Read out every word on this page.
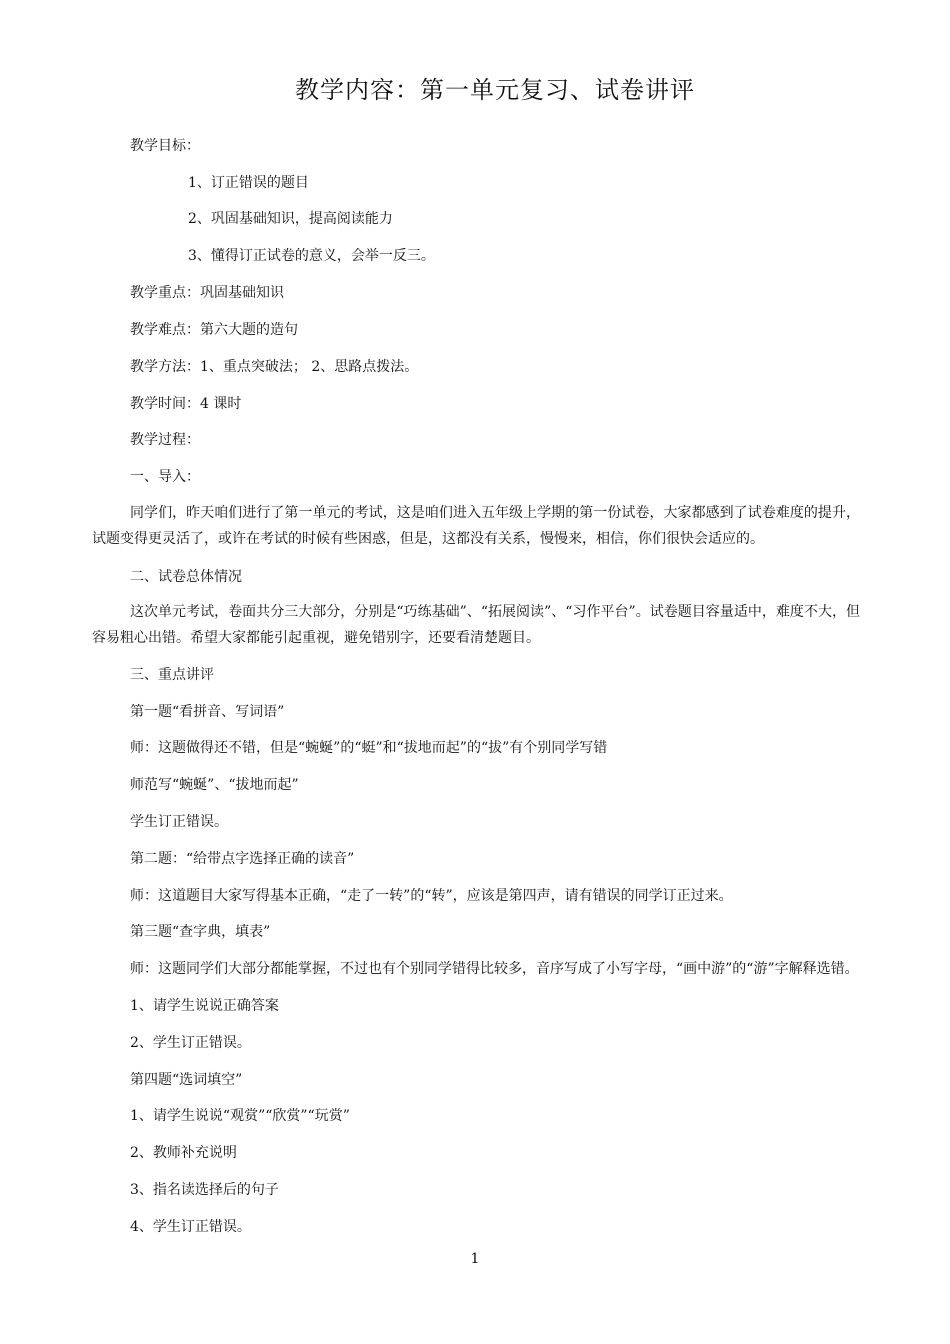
教学内容：第一单元复习、试卷讲评
教学目标：
1、订正错误的题目
2、巩固基础知识，提高阅读能力
3、懂得订正试卷的意义，会举一反三。
教学重点：巩固基础知识
教学难点：第六大题的造句
教学方法：1、重点突破法； 2、思路点拨法。
教学时间：4 课时
教学过程：
一、导入：
同学们，昨天咱们进行了第一单元的考试，这是咱们进入五年级上学期的第一份试卷，大家都感到了试卷难度的提升，试题变得更灵活了，或许在考试的时候有些困惑，但是，这都没有关系，慢慢来，相信，你们很快会适应的。
二、试卷总体情况
这次单元考试，卷面共分三大部分，分别是“巧练基础”、“拓展阅读”、“习作平台”。试卷题目容量适中，难度不大，但容易粗心出错。希望大家都能引起重视，避免错别字，还要看清楚题目。
三、重点讲评
第一题“看拼音、写词语”
师：这题做得还不错，但是“蜿蜒”的“蜓”和“拔地而起”的“拔”有个别同学写错
师范写“蜿蜒”、“拔地而起”
学生订正错误。
第二题：“给带点字选择正确的读音”
师：这道题目大家写得基本正确，“走了一转”的“转”，应该是第四声，请有错误的同学订正过来。
第三题“查字典，填表”
师：这题同学们大部分都能掌握，不过也有个别同学错得比较多，音序写成了小写字母，“画中游”的“游”字解释选错。
1、请学生说说正确答案
2、学生订正错误。
第四题“选词填空”
1、请学生说说“观赏”“欣赏”“玩赏”
2、教师补充说明
3、指名读选择后的句子
4、学生订正错误。
1
